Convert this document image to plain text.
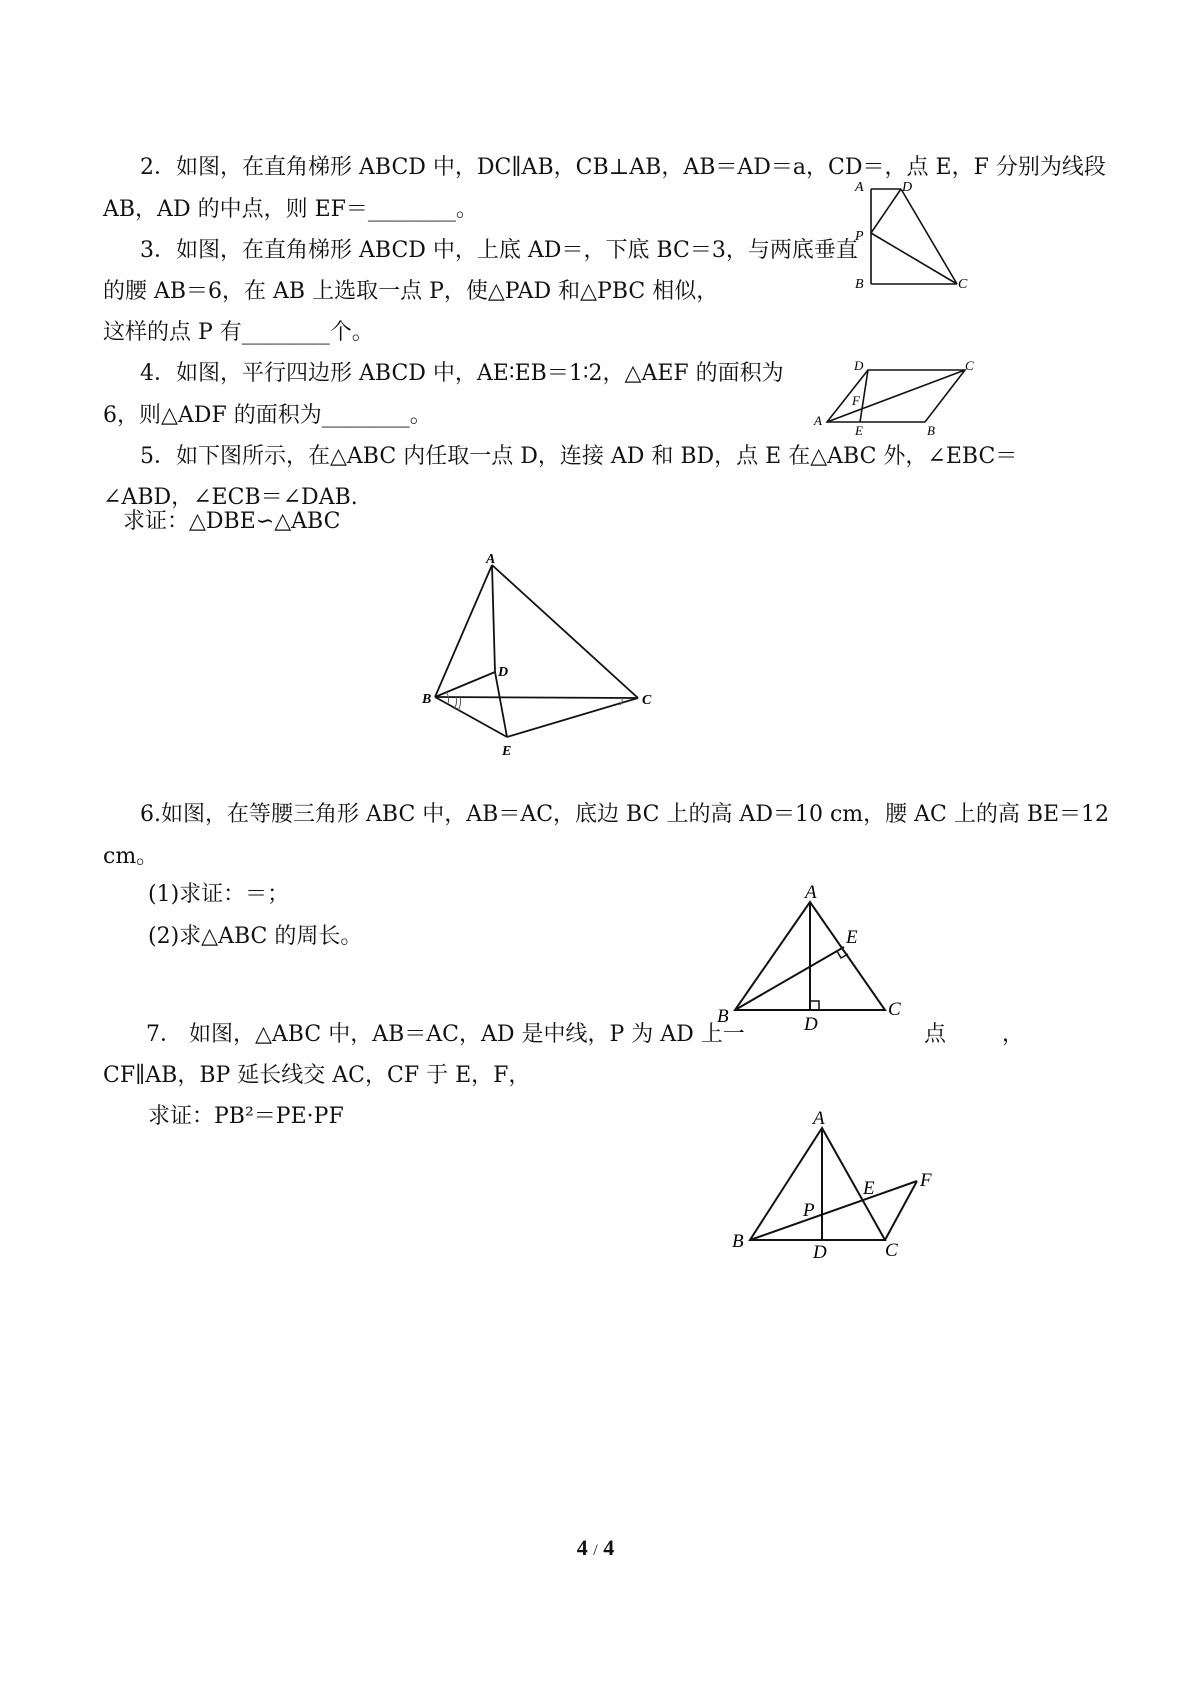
2．如图，在直角梯形 ABCD 中，DC∥AB，CB⊥AB，AB＝AD＝a，CD＝，点 E，F 分别为线段
AB，AD 的中点，则 EF＝________。
3．如图，在直角梯形 ABCD 中，上底 AD＝，下底 BC＝3，与两底垂直
的腰 AB＝6，在 AB 上选取一点 P，使△PAD 和△PBC 相似，
这样的点 P 有________个。
A	D
P
B	C
4．如图，平行四边形 ABCD 中，AE∶EB＝1∶2，△AEF 的面积为
6，则△ADF 的面积为________。
D	C
F
A
E	B
5．如下图所示，在△ABC 内任取一点 D，连接 AD 和 BD，点 E 在△ABC 外，∠EBC＝
∠ABD，∠ECB＝∠DAB.
求证：△DBE∽△ABC
A
D
B	C
E
6.如图，在等腰三角形 ABC 中，AB＝AC，底边 BC 上的高 AD＝10 cm，腰 AC 上的高 BE＝12
cm。
(1)求证：＝；
(2)求△ABC 的周长。
A
E
B	C
D
7． 如图，△ABC 中，AB＝AC，AD 是中线，P 为 AD 上一	点	，
CF∥AB，BP 延长线交 AC，CF 于 E，F，
求证：PB²＝PE·PF	A
E F
P
B
D	C
4 / 4
